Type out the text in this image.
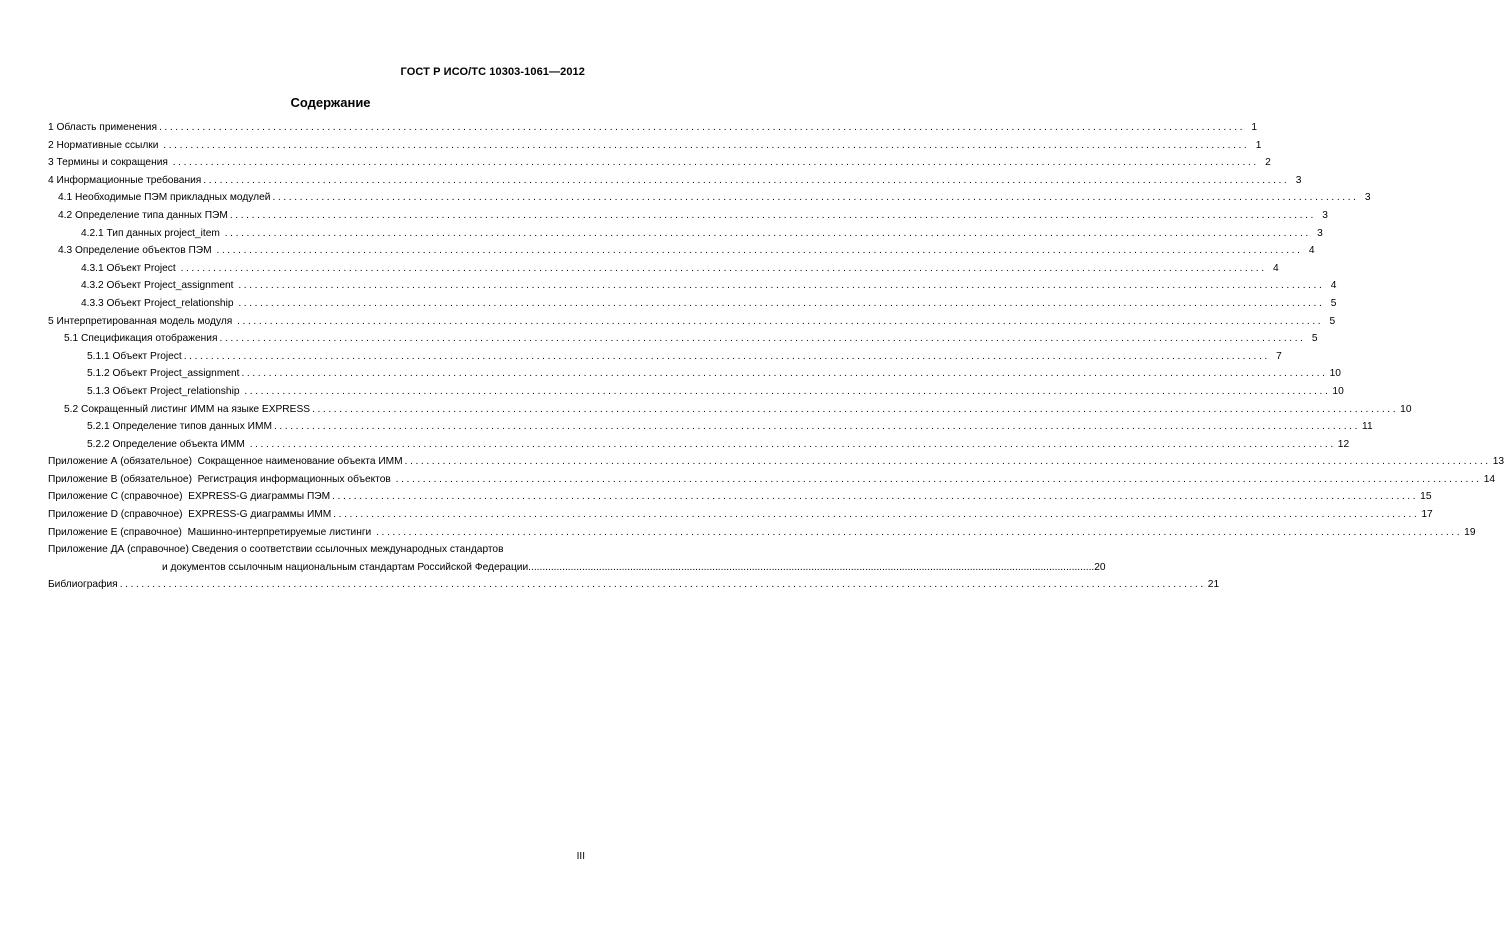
ГОСТ Р ИСО/ТС 10303-1061—2012
Содержание
1 Область применения ........................................................................................................................................................................................................ 1
2 Нормативные ссылки ........................................................................................................................................................................................................ 1
3 Термины и сокращения ........................................................................................................................................................................................................ 2
4 Информационные требования ........................................................................................................................................................................................................ 3
4.1 Необходимые ПЭМ прикладных модулей ........................................................................................................................................................................................................ 3
4.2 Определение типа данных ПЭМ ........................................................................................................................................................................................................ 3
4.2.1 Тип данных project_item ........................................................................................................................................................................................................ 3
4.3 Определение объектов ПЭМ ........................................................................................................................................................................................................ 4
4.3.1 Объект Project ........................................................................................................................................................................................................ 4
4.3.2 Объект Project_assignment ........................................................................................................................................................................................................ 4
4.3.3 Объект Project_relationship ........................................................................................................................................................................................................ 5
5 Интерпретированная модель модуля ........................................................................................................................................................................................................ 5
5.1 Спецификация отображения ........................................................................................................................................................................................................ 5
5.1.1 Объект Project ........................................................................................................................................................................................................ 7
5.1.2 Объект Project_assignment ........................................................................................................................................................................................................ 10
5.1.3 Объект Project_relationship ........................................................................................................................................................................................................ 10
5.2 Сокращенный листинг ИММ на языке EXPRESS ........................................................................................................................................................................................................ 10
5.2.1 Определение типов данных ИММ ........................................................................................................................................................................................................ 11
5.2.2 Определение объекта ИММ ........................................................................................................................................................................................................ 12
Приложение А (обязательное)  Сокращенное наименование объекта ИММ ........................................................................................................................................................................................................ 13
Приложение В (обязательное)  Регистрация информационных объектов ........................................................................................................................................................................................................ 14
Приложение С (справочное)  EXPRESS-G диаграммы ПЭМ ........................................................................................................................................................................................................ 15
Приложение D (справочное)  EXPRESS-G диаграммы ИММ ........................................................................................................................................................................................................ 17
Приложение Е (справочное)  Машинно-интерпретируемые листинги ........................................................................................................................................................................................................ 19
Приложение ДА (справочное) Сведения о соответствии ссылочных международных стандартов
и документов ссылочным национальным стандартам Российской Федерации ........................................................................................................................................................................................................ 20
Библиография ........................................................................................................................................................................................................ 21
III
